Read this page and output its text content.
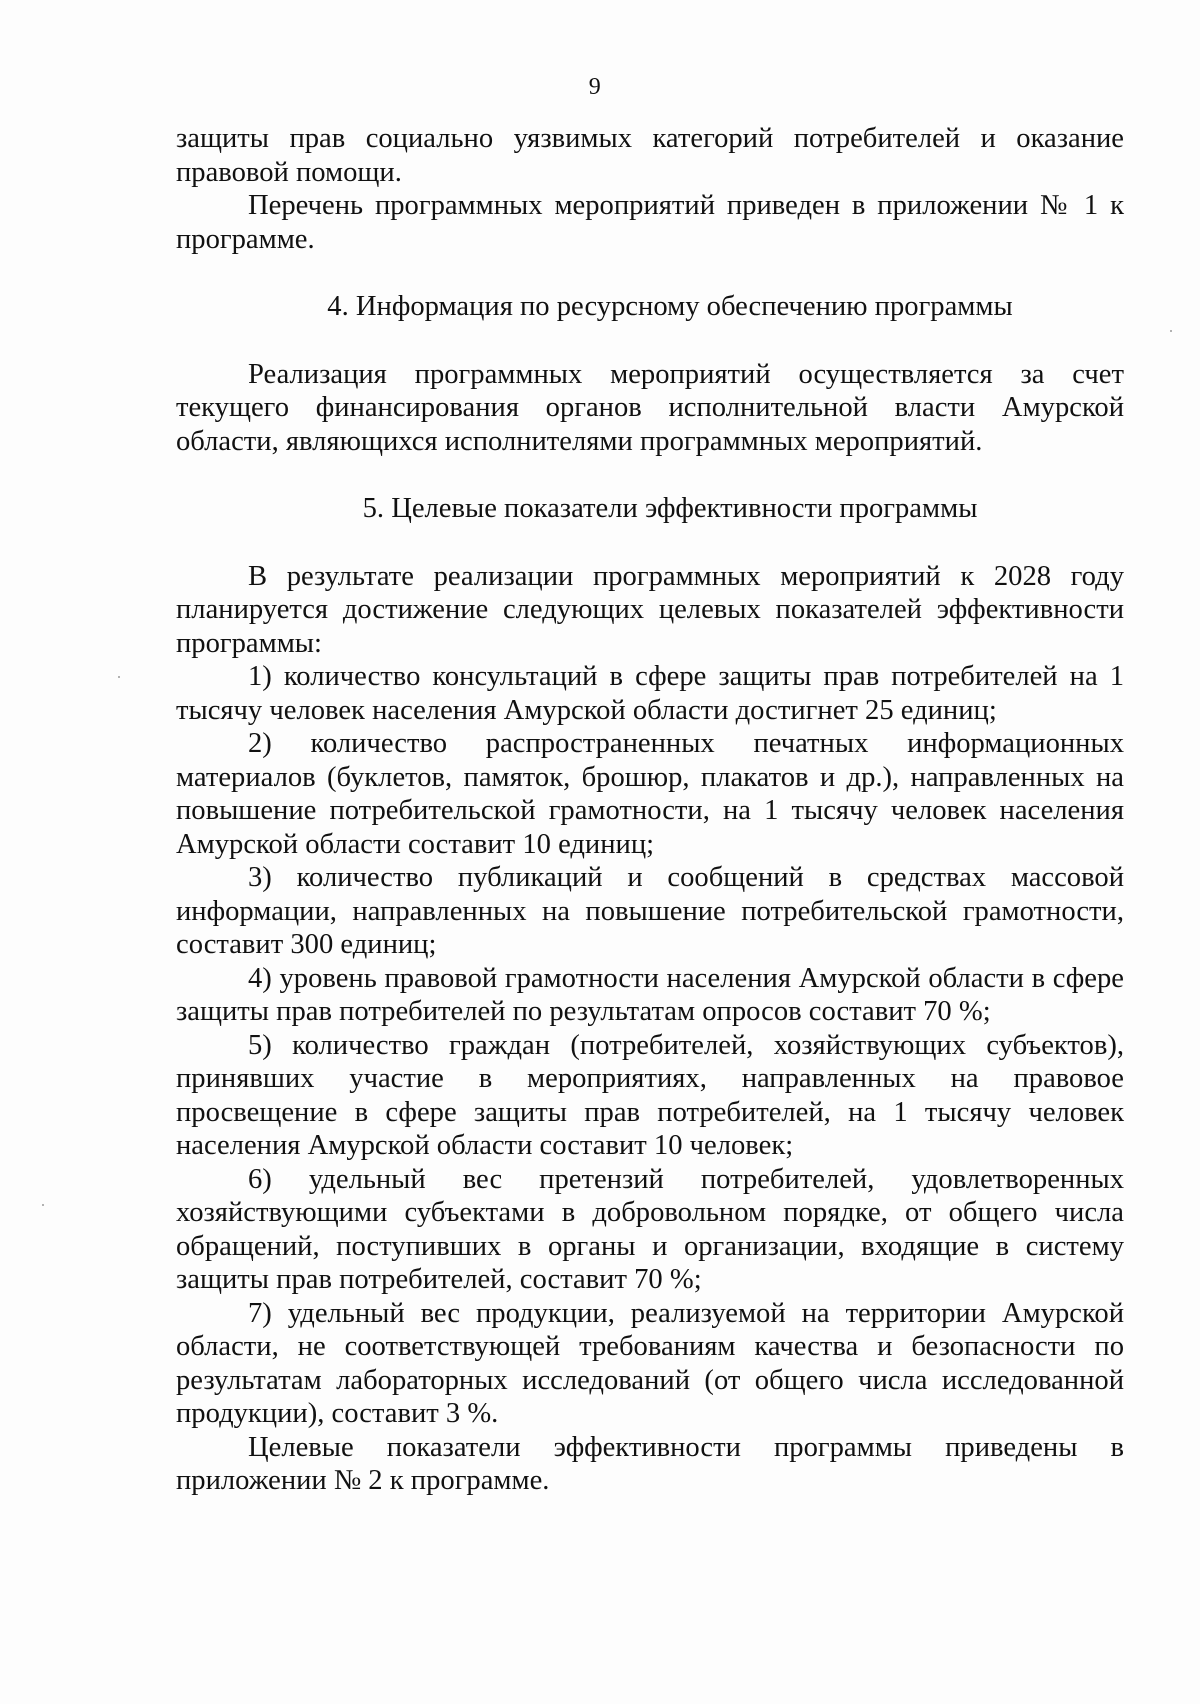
9

защиты прав социально уязвимых категорий потребителей и оказание правовой помощи.

Перечень программных мероприятий приведен в приложении № 1 к программе.

4. Информация по ресурсному обеспечению программы

Реализация программных мероприятий осуществляется за счет текущего финансирования органов исполнительной власти Амурской области, являющихся исполнителями программных мероприятий.

5. Целевые показатели эффективности программы

В результате реализации программных мероприятий к 2028 году планируется достижение следующих целевых показателей эффективности программы:

1) количество консультаций в сфере защиты прав потребителей на 1 тысячу человек населения Амурской области достигнет 25 единиц;

2) количество распространенных печатных информационных материалов (буклетов, памяток, брошюр, плакатов и др.), направленных на повышение потребительской грамотности, на 1 тысячу человек населения Амурской области составит 10 единиц;

3) количество публикаций и сообщений в средствах массовой информации, направленных на повышение потребительской грамотности, составит 300 единиц;

4) уровень правовой грамотности населения Амурской области в сфере защиты прав потребителей по результатам опросов составит 70 %;

5) количество граждан (потребителей, хозяйствующих субъектов), принявших участие в мероприятиях, направленных на правовое просвещение в сфере защиты прав потребителей, на 1 тысячу человек населения Амурской области составит 10 человек;

6) удельный вес претензий потребителей, удовлетворенных хозяйствующими субъектами в добровольном порядке, от общего числа обращений, поступивших в органы и организации, входящие в систему защиты прав потребителей, составит 70 %;

7) удельный вес продукции, реализуемой на территории Амурской области, не соответствующей требованиям качества и безопасности по результатам лабораторных исследований (от общего числа исследованной продукции), составит 3 %.

Целевые показатели эффективности программы приведены в приложении № 2 к программе.
